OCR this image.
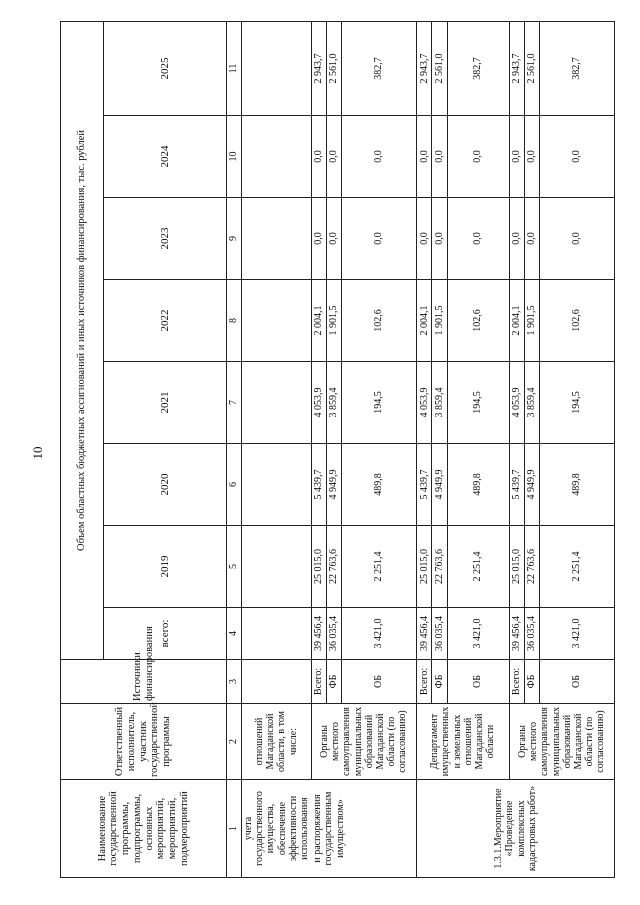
10
Наименование государственной программы, подпрограммы, основных мероприятий, мероприятий, подмероприятий	Ответственный исполнитель, участник государственной программы	Источники финансирования	Объем областных бюджетных ассигнований и иных источников финансирования, тыс. рублей							
			всего:	2019	2020	2021	2022	2023	2024	2025
1	2	3	4	5	6	7	8	9	10	11
учета государственного имущества, обеспечение эффективности использования	отношений Магаданской области, в том числе:									

и распоряжения государственным имуществом»	Органы местного самоуправления муниципальных образований Магаданской области (по согласованию)	Всего:	39 456,4	25 015,0	5 439,7	4 053,9	2 004,1	0,0	0,0	2 943,7
		ФБ	36 035,4	22 763,6	4 949,9	3 859,4	1 901,5	0,0	0,0	2 561,0
		ОБ	3 421,0	2 251,4	489,8	194,5	102,6	0,0	0,0	382,7
1.3.1.Мероприятие «Проведение комплексных кадастровых работ»	Департамент имущественных и земельных отношений Магаданской области	Всего:	39 456,4	25 015,0	5 439,7	4 053,9	2 004,1	0,0	0,0	2 943,7
		ФБ	36 035,4	22 763,6	4 949,9	3 859,4	1 901,5	0,0	0,0	2 561,0
		ОБ	3 421,0	2 251,4	489,8	194,5	102,6	0,0	0,0	382,7
	Органы местного самоуправления муниципальных образований Магаданской области (по согласованию)	Всего:	39 456,4	25 015,0	5 439,7	4 053,9	2 004,1	0,0	0,0	2 943,7
		ФБ	36 035,4	22 763,6	4 949,9	3 859,4	1 901,5	0,0	0,0	2 561,0
		ОБ	3 421,0	2 251,4	489,8	194,5	102,6	0,0	0,0	382,7
